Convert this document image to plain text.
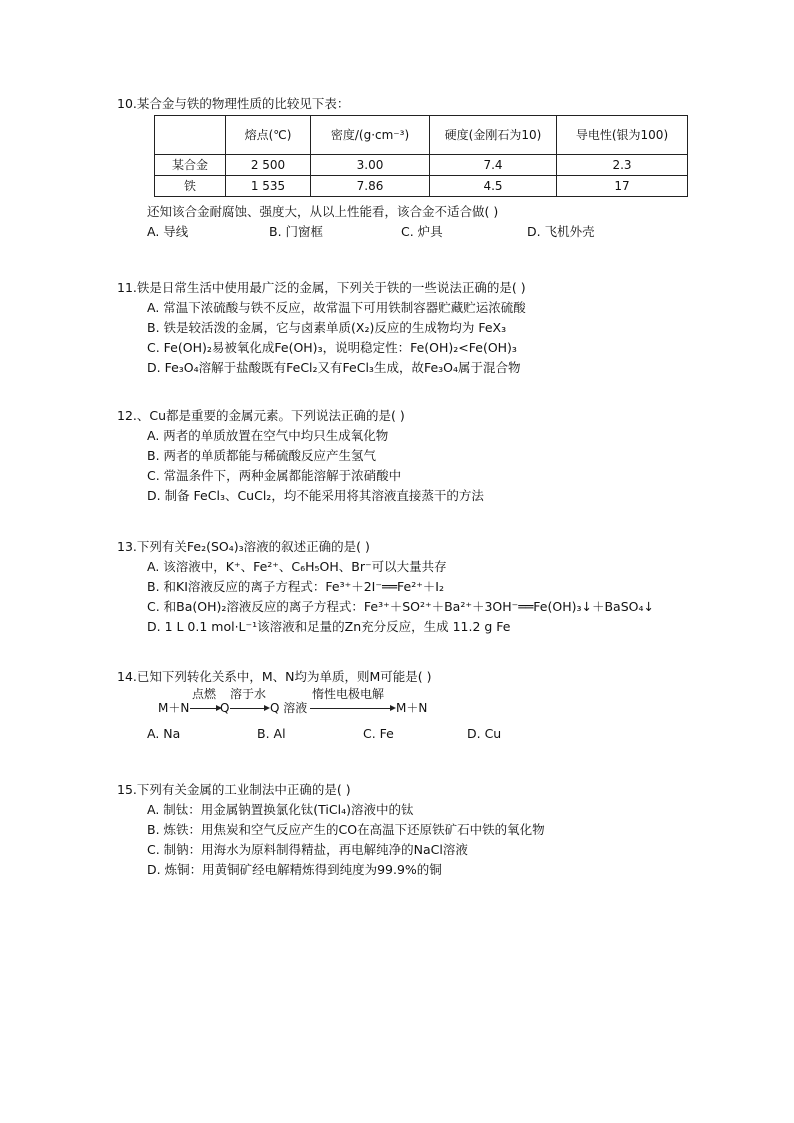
10.某合金与铁的物理性质的比较见下表：
	熔点(℃)	密度/(g·cm⁻³)	硬度(金刚石为10)	导电性(银为100)
某合金	2 500	3.00	7.4	2.3
铁	1 535	7.86	4.5	17
还知该合金耐腐蚀、强度大，从以上性能看，该合金不适合做( )
A. 导线	B. 门窗框	C. 炉具	D. 飞机外壳
11.铁是日常生活中使用最广泛的金属，下列关于铁的一些说法正确的是( )
A. 常温下浓硫酸与铁不反应，故常温下可用铁制容器贮藏贮运浓硫酸
B. 铁是较活泼的金属，它与卤素单质(X₂)反应的生成物均为 FeX₃
C. Fe(OH)₂易被氧化成Fe(OH)₃，说明稳定性：Fe(OH)₂<Fe(OH)₃
D. Fe₃O₄溶解于盐酸既有FeCl₂又有FeCl₃生成，故Fe₃O₄属于混合物
12.、Cu都是重要的金属元素。下列说法正确的是( )
A. 两者的单质放置在空气中均只生成氧化物
B. 两者的单质都能与稀硫酸反应产生氢气
C. 常温条件下，两种金属都能溶解于浓硝酸中
D. 制备 FeCl₃、CuCl₂，均不能采用将其溶液直接蒸干的方法
13.下列有关Fe₂(SO₄)₃溶液的叙述正确的是( )
A. 该溶液中，K⁺、Fe²⁺、C₆H₅OH、Br⁻可以大量共存
B. 和KI溶液反应的离子方程式：Fe³⁺＋2I⁻══Fe²⁺＋I₂
C. 和Ba(OH)₂溶液反应的离子方程式：Fe³⁺＋SO²⁺＋Ba²⁺＋3OH⁻══Fe(OH)₃↓＋BaSO₄↓
D. 1 L 0.1 mol·L⁻¹该溶液和足量的Zn充分反应，生成 11.2 g Fe
14.已知下列转化关系中，M、N均为单质，则M可能是( )
M＋N
点燃
Q
溶于水
Q 溶液
惰性电极电解
M＋N
A. Na	B. Al	C. Fe	D. Cu
15.下列有关金属的工业制法中正确的是( )
A. 制钛：用金属钠置换氯化钛(TiCl₄)溶液中的钛
B. 炼铁：用焦炭和空气反应产生的CO在高温下还原铁矿石中铁的氧化物
C. 制钠：用海水为原料制得精盐，再电解纯净的NaCl溶液
D. 炼铜：用黄铜矿经电解精炼得到纯度为99.9%的铜
